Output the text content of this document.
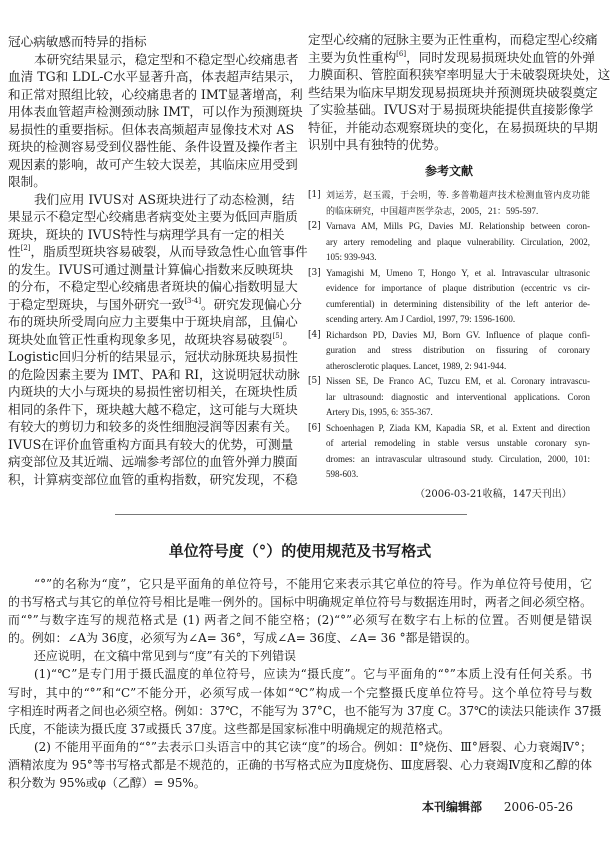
冠心病敏感而特异的指标
本研究结果显示，稳定型和不稳定型心绞痛患者
血清 TG和 LDL-C水平显著升高，体表超声结果示，
和正常对照组比较，心绞痛患者的 IMT显著增高，利
用体表血管超声检测颈动脉 IMT，可以作为预测斑块
易损性的重要指标。但体表高频超声显像技术对 AS
斑块的检测容易受到仪器性能、条件设置及操作者主
观因素的影响，故可产生较大误差，其临床应用受到
限制。
我们应用 IVUS对 AS斑块进行了动态检测，结
果显示不稳定型心绞痛患者病变处主要为低回声脂质
斑块，斑块的 IVUS特性与病理学具有一定的相关
性[2]，脂质型斑块容易破裂，从而导致急性心血管事件
的发生。IVUS可通过测量计算偏心指数来反映斑块
的分布，不稳定型心绞痛患者斑块的偏心指数明显大
于稳定型斑块，与国外研究一致[3-4]。研究发现偏心分
布的斑块所受周向应力主要集中于斑块肩部，且偏心
斑块处血管正性重构现象多见，故斑块容易破裂[5]。
Logistic回归分析的结果显示，冠状动脉斑块易损性
的危险因素主要为 IMT、PA和 RI，这说明冠状动脉
内斑块的大小与斑块的易损性密切相关，在斑块性质
相同的条件下，斑块越大越不稳定，这可能与大斑块
有较大的剪切力和较多的炎性细胞浸润等因素有关。
IVUS在评价血管重构方面具有较大的优势，可测量
病变部位及其近端、远端参考部位的血管外弹力膜面
积，计算病变部位血管的重构指数，研究发现，不稳
定型心绞痛的冠脉主要为正性重构，而稳定型心绞痛
主要为负性重构[6]，同时发现易损斑块处血管的外弹
力膜面积、管腔面积狭窄率明显大于未破裂斑块处，这
些结果为临床早期发现易损斑块并预测斑块破裂奠定
了实验基础。IVUS对于易损斑块能提供直接影像学
特征，并能动态观察斑块的变化，在易损斑块的早期
识别中具有独特的优势。
参考文献
[1] 刘运芳，赵玉霞，于会明，等. 多普勒超声技术检测血管内皮功能
的临床研究，中国超声医学杂志，2005，21：595-597.
[2] Varnava AM, Mills PG, Davies MJ. Relationship between coron-
ary artery remodeling and plaque vulnerability. Circulation, 2002,
105: 939-943.
[3] Yamagishi M, Umeno T, Hongo Y, et al. Intravascular ultrasonic
evidence for importance of plaque distribution (eccentric vs cir-
cumferential) in determining distensibility of the left anterior de-
scending artery. Am J Cardiol, 1997, 79: 1596-1600.
[4] Richardson PD, Davies MJ, Born GV. Influence of plaque confi-
guration and stress distribution on fissuring of coronary
atherosclerotic plaques. Lancet, 1989, 2: 941-944.
[5] Nissen SE, De Franco AC, Tuzcu EM, et al. Coronary intravascu-
lar ultrasound: diagnostic and interventional applications. Coron
Artery Dis, 1995, 6: 355-367.
[6] Schoenhagen P, Ziada KM, Kapadia SR, et al. Extent and direction
of arterial remodeling in stable versus unstable coronary syn-
dromes: an intravascular ultrasound study. Circulation, 2000, 101:
598-603.
（2006-03-21收稿，147天刊出）
单位符号度（°）的使用规范及书写格式
“°”的名称为“度”，它只是平面角的单位符号，不能用它来表示其它单位的符号。作为单位符号使用，它
的书写格式与其它的单位符号相比是唯一例外的。国标中明确规定单位符号与数据连用时，两者之间必须空格。
而“°”与数字连写的规范格式是 (1) 两者之间不能空格；(2)“°”必须写在数字右上标的位置。否则便是错误
的。例如：∠A为 36度，必须写为∠A= 36°，写成∠A= 36度、∠A= 36 °都是错误的。
还应说明，在文稿中常见到与“度”有关的下列错误
(1)“℃”是专门用于摄氏温度的单位符号，应读为“摄氏度”。它与平面角的“°”本质上没有任何关系。书
写时，其中的“°”和“C”不能分开，必须写成一体如“℃”构成一个完整摄氏度单位符号。这个单位符号与数
字相连时两者之间也必须空格。例如：37℃，不能写为 37°C，也不能写为 37度 C。37℃的读法只能读作 37摄
氏度，不能读为摄氏度 37或摄氏 37度。这些都是国家标准中明确规定的规范格式。
(2) 不能用平面角的“°”去表示口头语言中的其它读“度”的场合。例如：Ⅱ°烧伤、Ⅲ°唇裂、心力衰竭Ⅳ°；
酒精浓度为 95°等书写格式都是不规范的，正确的书写格式应为Ⅱ度烧伤、Ⅲ度唇裂、心力衰竭Ⅳ度和乙醇的体
积分数为 95%或φ（乙醇）= 95%。
本刊编辑部 2006-05-26
